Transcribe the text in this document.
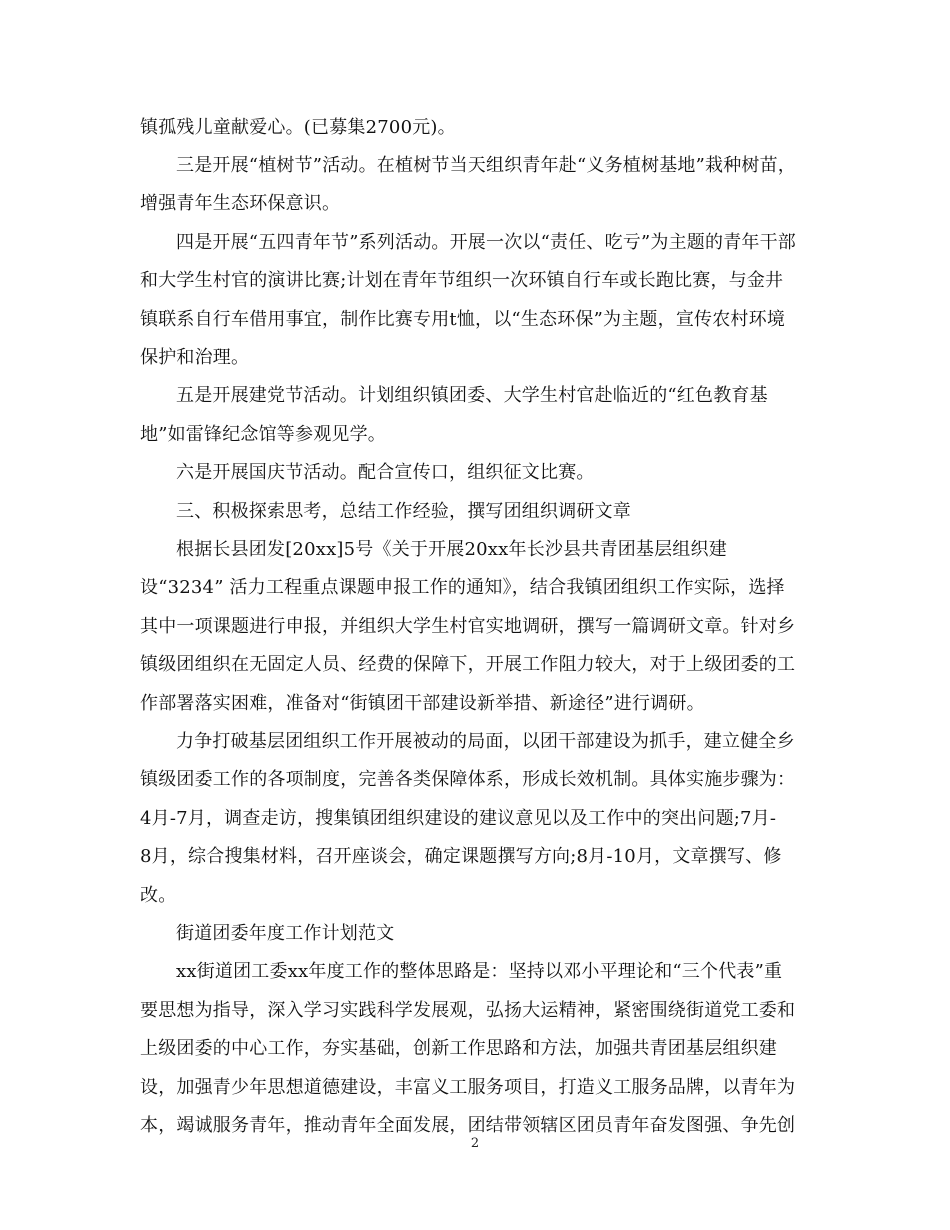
镇孤残儿童献爱心。(已募集2700元)。
三是开展“植树节”活动。在植树节当天组织青年赴“义务植树基地”栽种树苗，
增强青年生态环保意识。
四是开展“五四青年节”系列活动。开展一次以“责任、吃亏”为主题的青年干部
和大学生村官的演讲比赛;计划在青年节组织一次环镇自行车或长跑比赛，与金井
镇联系自行车借用事宜，制作比赛专用t恤，以“生态环保”为主题，宣传农村环境
保护和治理。
五是开展建党节活动。计划组织镇团委、大学生村官赴临近的“红色教育基
地”如雷锋纪念馆等参观见学。
六是开展国庆节活动。配合宣传口，组织征文比赛。
三、积极探索思考，总结工作经验，撰写团组织调研文章
根据长县团发[20xx]5号《关于开展20xx年长沙县共青团基层组织建
设“3234” 活力工程重点课题申报工作的通知》，结合我镇团组织工作实际，选择
其中一项课题进行申报，并组织大学生村官实地调研，撰写一篇调研文章。针对乡
镇级团组织在无固定人员、经费的保障下，开展工作阻力较大，对于上级团委的工
作部署落实困难，准备对“街镇团干部建设新举措、新途径”进行调研。
力争打破基层团组织工作开展被动的局面，以团干部建设为抓手，建立健全乡
镇级团委工作的各项制度，完善各类保障体系，形成长效机制。具体实施步骤为：
4月-7月，调查走访，搜集镇团组织建设的建议意见以及工作中的突出问题;7月-
8月，综合搜集材料，召开座谈会，确定课题撰写方向;8月-10月，文章撰写、修
改。
街道团委年度工作计划范文
xx街道团工委xx年度工作的整体思路是：坚持以邓小平理论和“三个代表”重
要思想为指导，深入学习实践科学发展观，弘扬大运精神，紧密围绕街道党工委和
上级团委的中心工作，夯实基础，创新工作思路和方法，加强共青团基层组织建
设，加强青少年思想道德建设，丰富义工服务项目，打造义工服务品牌，以青年为
本，竭诚服务青年，推动青年全面发展，团结带领辖区团员青年奋发图强、争先创
2
